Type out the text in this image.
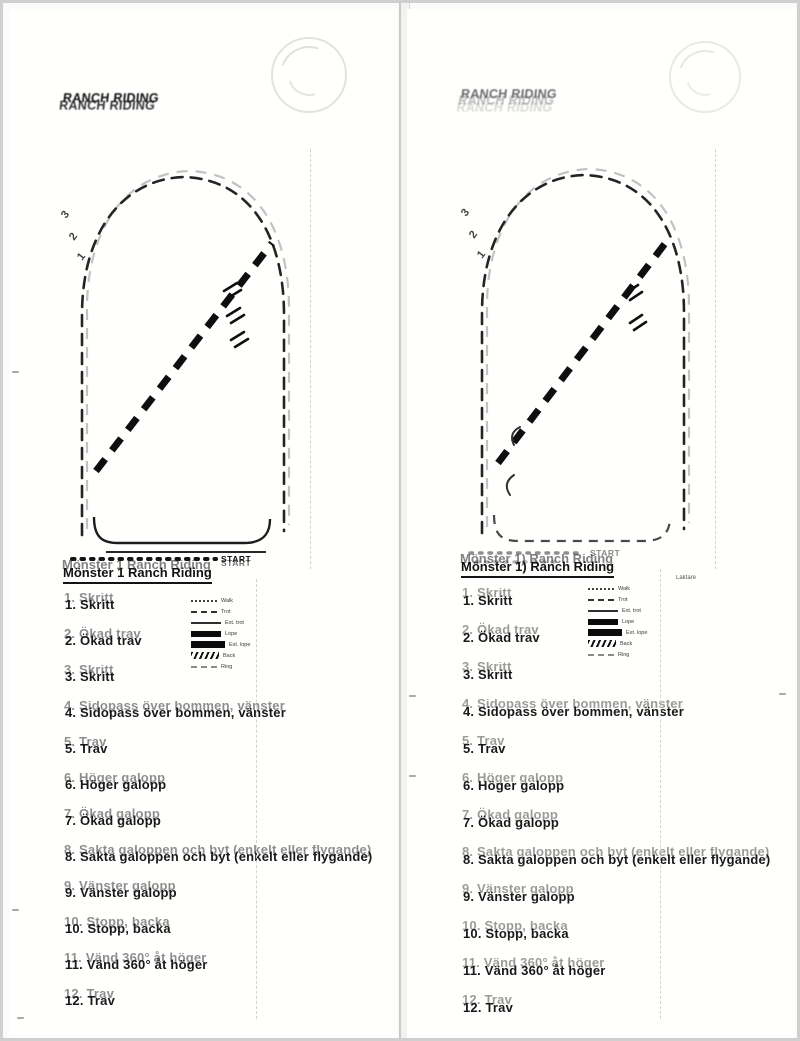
RANCH RIDING
3
2
1
START
Mönster 1 Ranch Riding
Walk
Trot
Ext. trot
Lope
Ext. lope
Back
Ring
1. Skritt
2. Ökad trav
3. Skritt
4. Sidopass över bommen, vänster
5. Trav
6. Höger galopp
7. Ökad galopp
8. Sakta galoppen och byt (enkelt eller flygande)
9. Vänster galopp
10. Stopp, backa
11. Vänd 360° åt höger
12. Trav
RANCH RIDING
3
2
1
START
Mönster 1) Ranch Riding
Läktare
Walk
Trot
Ext. trot
Lope
Ext. lope
Back
Ring
1. Skritt
2. Ökad trav
3. Skritt
4. Sidopass över bommen, vänster
5. Trav
6. Höger galopp
7. Ökad galopp
8. Sakta galoppen och byt (enkelt eller flygande)
9. Vänster galopp
10. Stopp, backa
11. Vänd 360° åt höger
12. Trav
